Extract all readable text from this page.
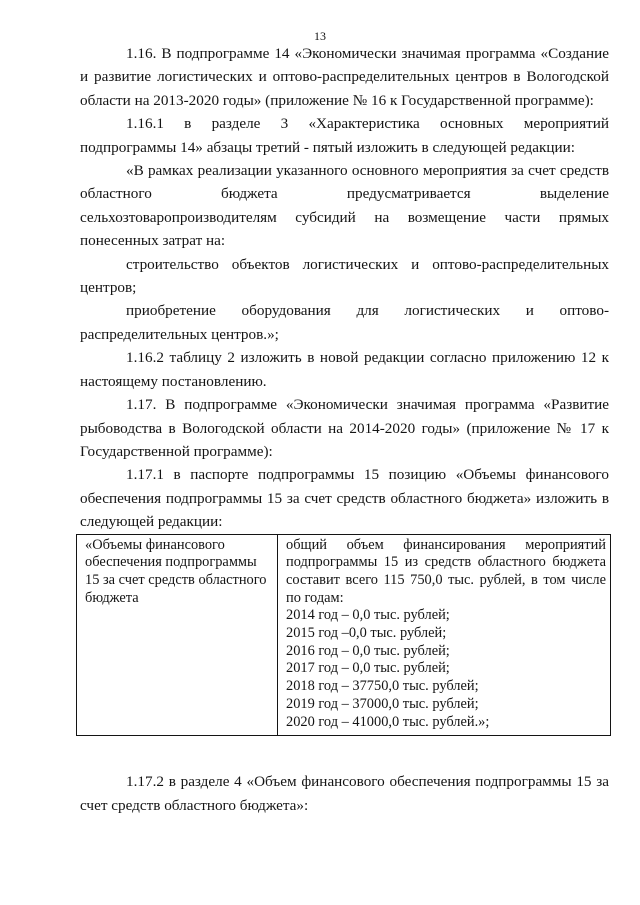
13

1.16. В подпрограмме 14 «Экономически значимая программа «Создание и развитие логистических и оптово-распределительных центров в Вологодской области на 2013-2020 годы» (приложение № 16 к Государственной программе):

1.16.1 в разделе 3 «Характеристика основных мероприятий подпрограммы 14» абзацы третий - пятый изложить в следующей редакции:

«В рамках реализации указанного основного мероприятия за счет средств областного бюджета предусматривается выделение сельхозтоваропроизводителям субсидий на возмещение части прямых понесенных затрат на:

строительство объектов логистических и оптово-распределительных центров;

приобретение оборудования для логистических и оптово-

распределительных центров.»;

1.16.2 таблицу 2 изложить в новой редакции согласно приложению 12 к настоящему постановлению.

1.17. В подпрограмме «Экономически значимая программа «Развитие рыбоводства в Вологодской области на 2014-2020 годы» (приложение № 17 к Государственной программе):

1.17.1 в паспорте подпрограммы 15 позицию «Объемы финансового обеспечения подпрограммы 15 за счет средств областного бюджета» изложить в следующей редакции:

«Объемы финансового обеспечения подпрограммы 15 за счет средств областного бюджета	общий объем финансирования мероприятий подпрограммы 15 из средств областного бюджета составит всего 115 750,0 тыс. рублей, в том числе по годам:
2014 год – 0,0 тыс. рублей;
2015 год –0,0 тыс. рублей;
2016 год – 0,0 тыс. рублей;
2017 год – 0,0 тыс. рублей;
2018 год – 37750,0 тыс. рублей;
2019 год – 37000,0 тыс. рублей;
2020 год – 41000,0 тыс. рублей.»;

1.17.2 в разделе 4 «Объем финансового обеспечения подпрограммы 15 за счет средств областного бюджета»:
